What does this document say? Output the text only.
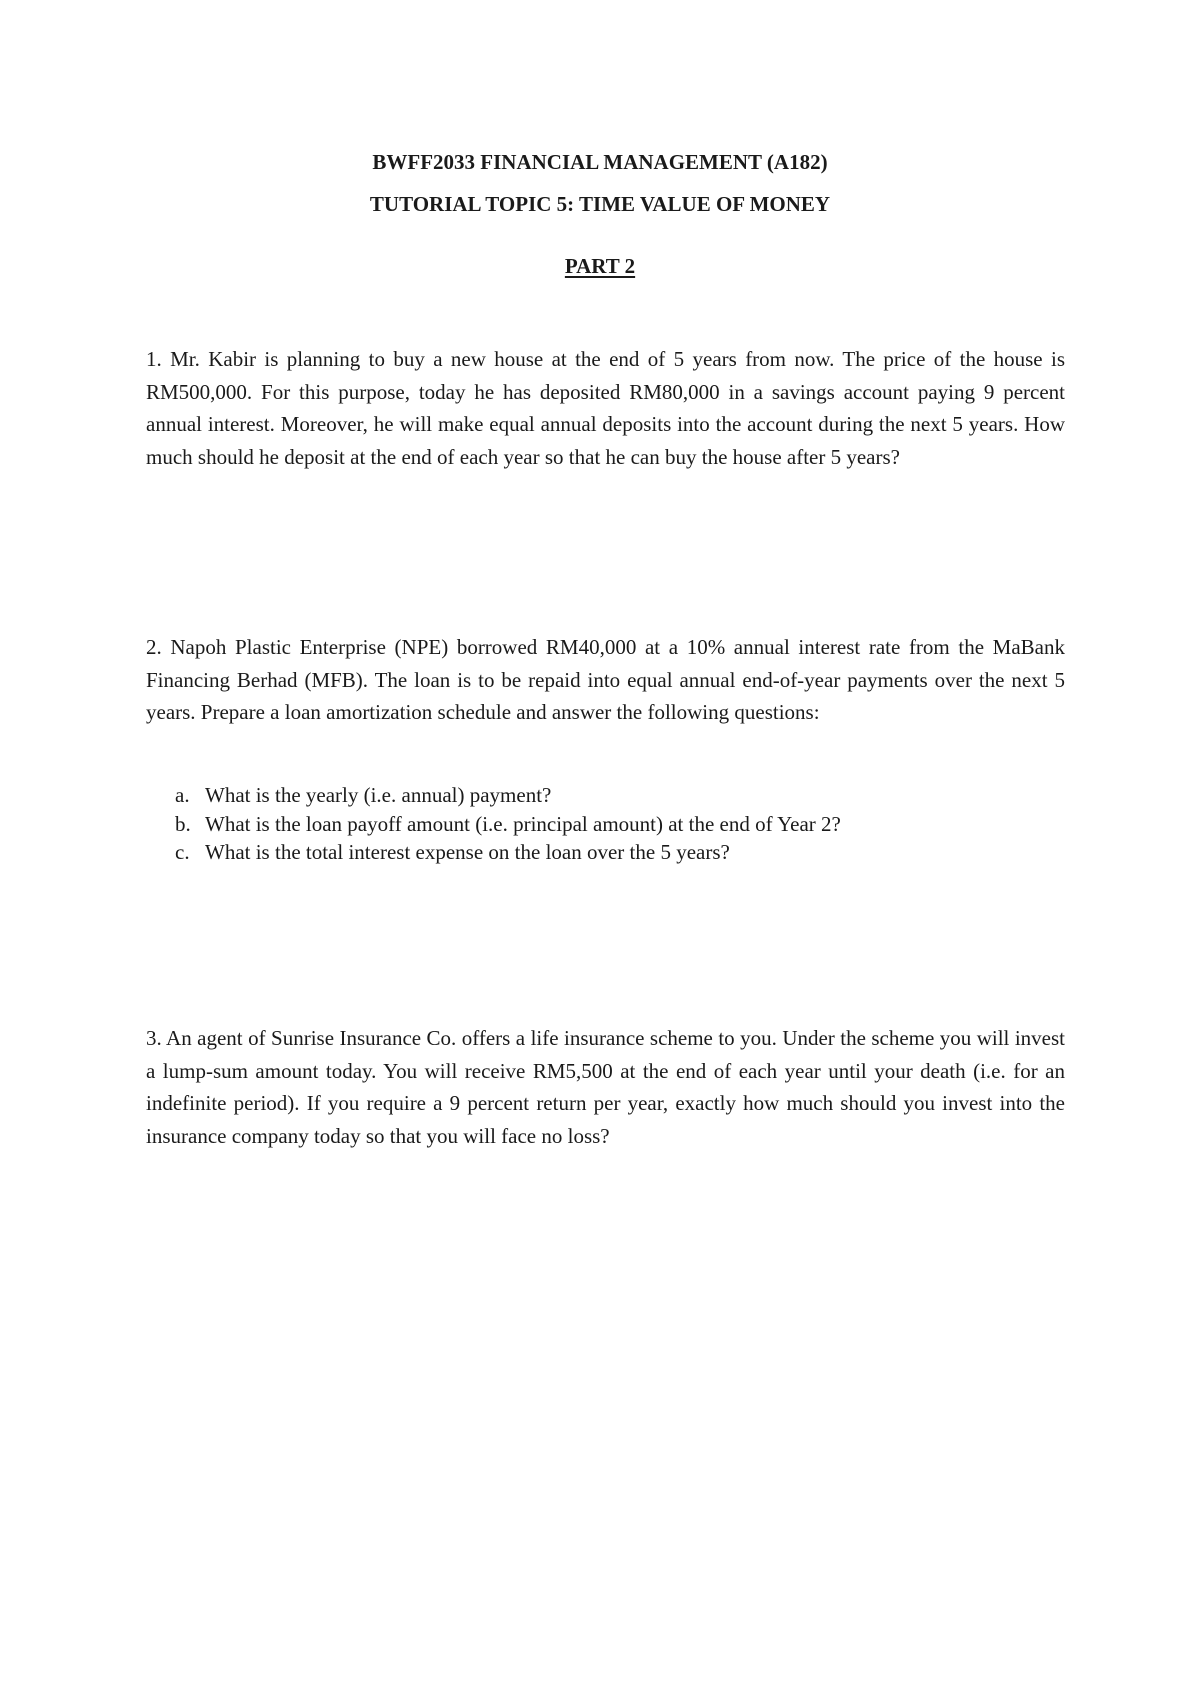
BWFF2033 FINANCIAL MANAGEMENT (A182)

TUTORIAL TOPIC 5: TIME VALUE OF MONEY

PART 2

1. Mr. Kabir is planning to buy a new house at the end of 5 years from now. The price of the house is RM500,000. For this purpose, today he has deposited RM80,000 in a savings account paying 9 percent annual interest. Moreover, he will make equal annual deposits into the account during the next 5 years. How much should he deposit at the end of each year so that he can buy the house after 5 years?

2. Napoh Plastic Enterprise (NPE) borrowed RM40,000 at a 10% annual interest rate from the MaBank Financing Berhad (MFB). The loan is to be repaid into equal annual end-of-year payments over the next 5 years. Prepare a loan amortization schedule and answer the following questions:

a. What is the yearly (i.e. annual) payment?
b. What is the loan payoff amount (i.e. principal amount) at the end of Year 2?
c. What is the total interest expense on the loan over the 5 years?

3. An agent of Sunrise Insurance Co. offers a life insurance scheme to you. Under the scheme you will invest a lump-sum amount today. You will receive RM5,500 at the end of each year until your death (i.e. for an indefinite period). If you require a 9 percent return per year, exactly how much should you invest into the insurance company today so that you will face no loss?
